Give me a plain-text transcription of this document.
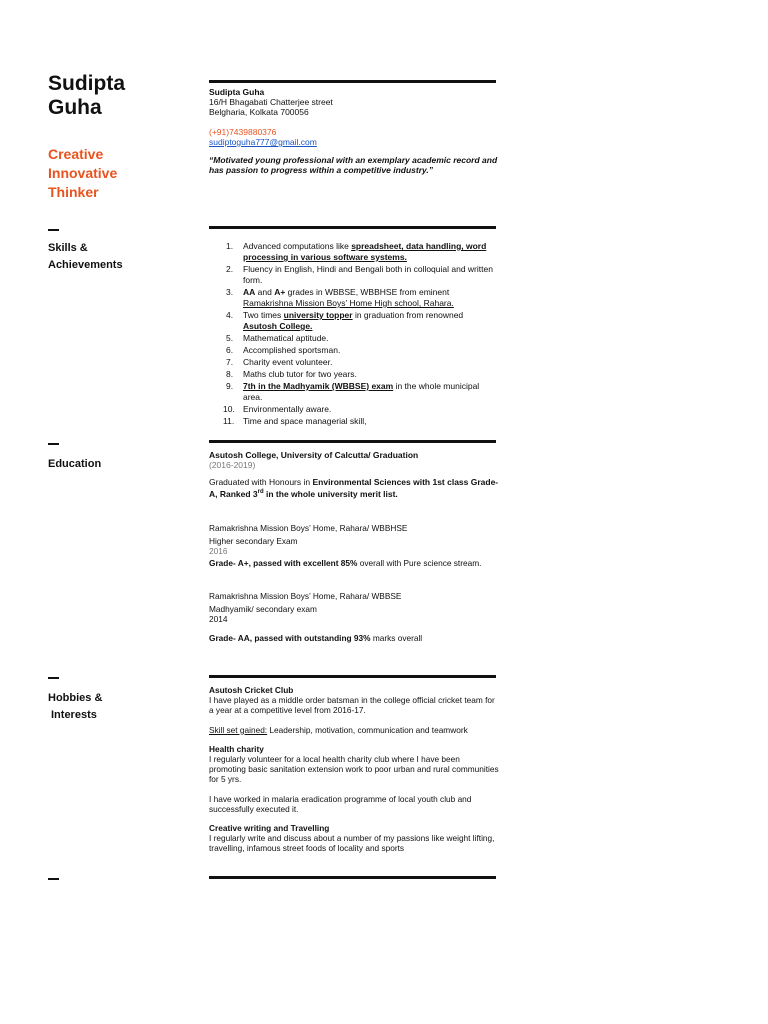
Sudipta
Guha
Creative
Innovative
Thinker
Skills &
Achievements
Education
Hobbies &
Interests
Sudipta Guha
16/H Bhagabati Chatterjee street
Belgharia, Kolkata 700056
(+91)7439880376
sudiptoguha777@gmail.com
“Motivated young professional with an exemplary academic record and has passion to progress within a competitive industry.”
1. Advanced computations like spreadsheet, data handling, word processing in various software systems.
2. Fluency in English, Hindi and Bengali both in colloquial and written form.
3. AA and A+ grades in WBBSE, WBBHSE from eminent Ramakrishna Mission Boys’ Home High school, Rahara.
4. Two times university topper in graduation from renowned Asutosh College.
5. Mathematical aptitude.
6. Accomplished sportsman.
7. Charity event volunteer.
8. Maths club tutor for two years.
9. 7th in the Madhyamik (WBBSE) exam in the whole municipal area.
10. Environmentally aware.
11. Time and space managerial skill,
Asutosh College, University of Calcutta/ Graduation
(2016-2019)
Graduated with Honours in Environmental Sciences with 1st class Grade- A, Ranked 3rd in the whole university merit list.
Ramakrishna Mission Boys’ Home, Rahara/ WBBHSE
Higher secondary Exam
2016
Grade- A+, passed with excellent 85% overall with Pure science stream.
Ramakrishna Mission Boys’ Home, Rahara/ WBBSE
Madhyamik/ secondary exam
2014
Grade- AA, passed with outstanding 93% marks overall

Asutosh Cricket Club

I have played as a middle order batsman in the college official cricket team for a year at a competitive level from 2016-17.

Skill set gained: Leadership, motivation, communication and teamwork

Health charity

I regularly volunteer for a local health charity club where I have been promoting basic sanitation extension work to poor urban and rural communities for 5 yrs.

I have worked in malaria eradication programme of local youth club and successfully executed it.

Creative writing and Travelling

I regularly write and discuss about a number of my passions like weight lifting, travelling, infamous street foods of locality and sports
